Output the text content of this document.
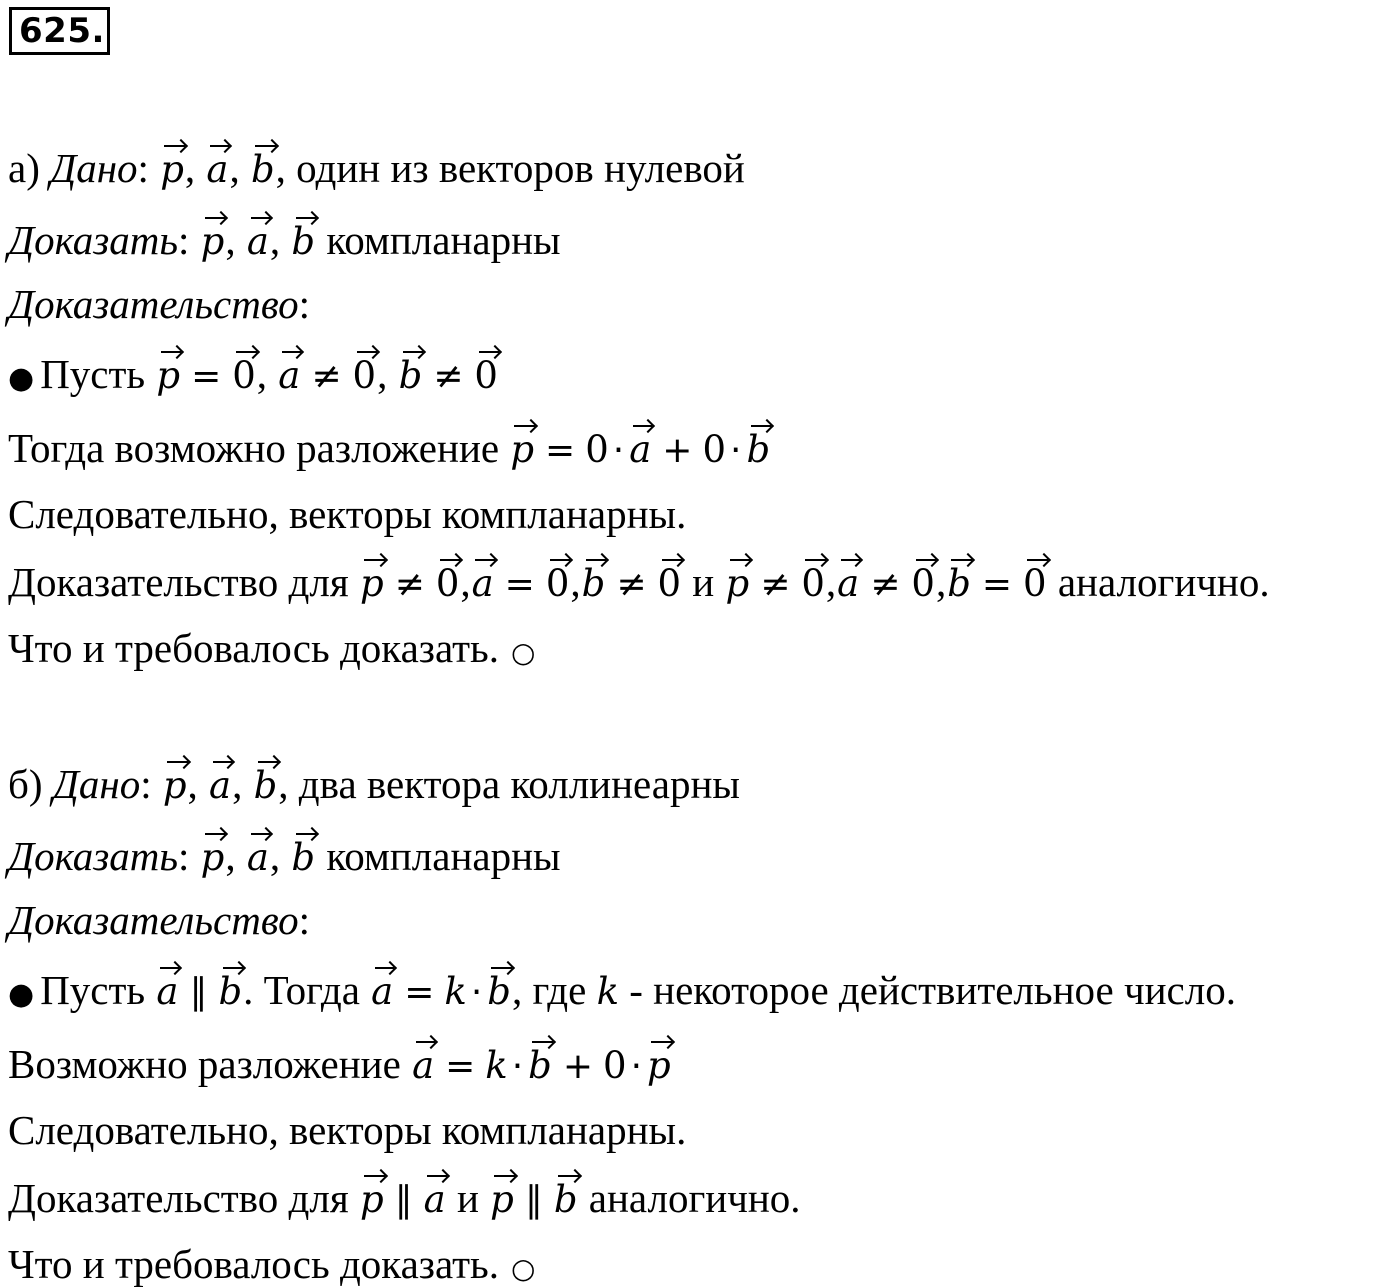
625.
а) Дано: p, a, b, один из векторов нулевой
Доказать: p, a, b компланарны
Доказательство:
● Пусть p = 0, a ≠ 0, b ≠ 0
Тогда возможно разложение p = 0 · a + 0 · b
Следовательно, векторы компланарны.
Доказательство для p ≠ 0,a = 0,b ≠ 0 и p ≠ 0,a ≠ 0,b = 0 аналогично.
Что и требовалось доказать. ○
б) Дано: p, a, b, два вектора коллинеарны
Доказать: p, a, b компланарны
Доказательство:
● Пусть a ∥ b. Тогда a = k · b, где k - некоторое действительное число.
Возможно разложение a = k · b + 0 · p
Следовательно, векторы компланарны.
Доказательство для p ∥ a и p ∥ b аналогично.
Что и требовалось доказать. ○
